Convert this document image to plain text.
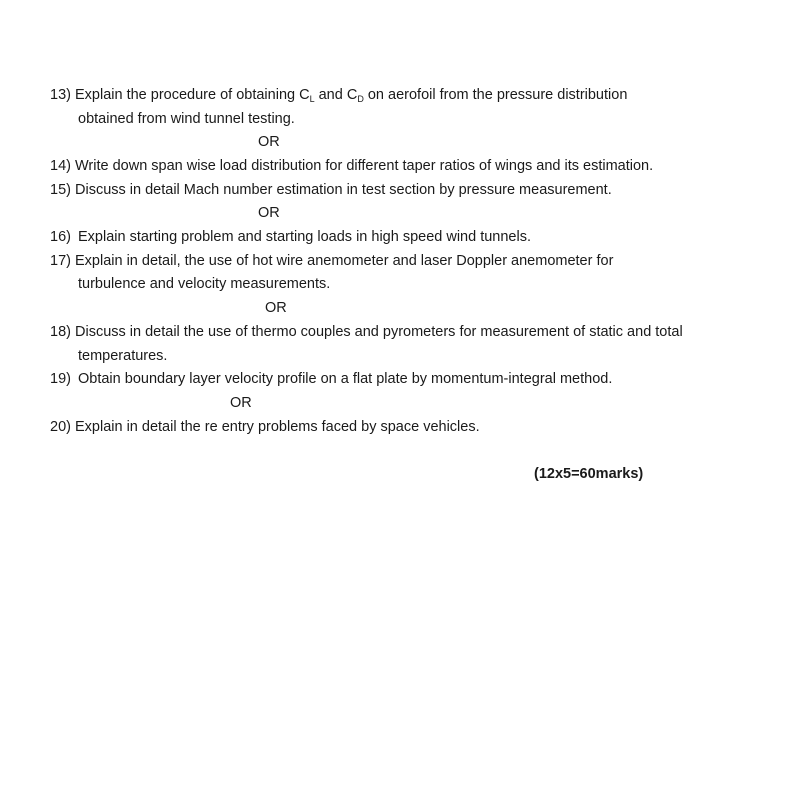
13) Explain the procedure of obtaining $C_L$ and $C_D$ on aerofoil from the pressure distribution
obtained from wind tunnel testing.
OR
14) Write down span wise load distribution for different taper ratios of wings and its estimation.
15) Discuss in detail Mach number estimation in test section by pressure measurement.
OR
16) Explain starting problem and starting loads in high speed wind tunnels.
17) Explain in detail, the use of hot wire anemometer and laser Doppler anemometer for
turbulence and velocity measurements.
OR
18) Discuss in detail the use of thermo couples and pyrometers for measurement of static and total
temperatures.
19) Obtain boundary layer velocity profile on a flat plate by momentum-integral method.
OR
20) Explain in detail the re entry problems faced by space vehicles.
(12x5=60marks)
